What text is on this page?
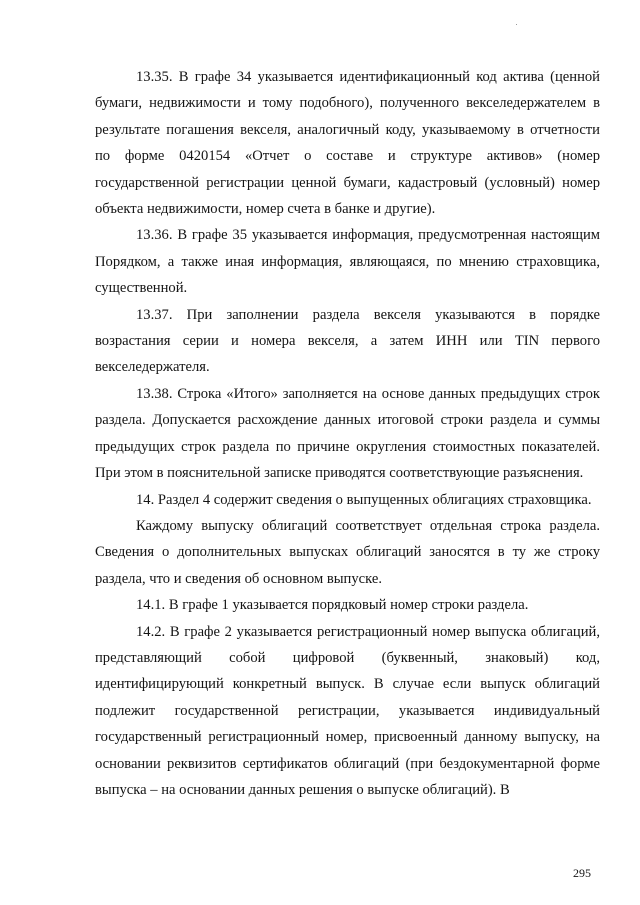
13.35. В графе 34 указывается идентификационный код актива (ценной бумаги, недвижимости и тому подобного), полученного векселедержателем в результате погашения векселя, аналогичный коду, указываемому в отчетности по форме 0420154 «Отчет о составе и структуре активов» (номер государственной регистрации ценной бумаги, кадастровый (условный) номер объекта недвижимости, номер счета в банке и другие).

13.36. В графе 35 указывается информация, предусмотренная настоящим Порядком, а также иная информация, являющаяся, по мнению страховщика, существенной.

13.37. При заполнении раздела векселя указываются в порядке возрастания серии и номера векселя, а затем ИНН или TIN первого векселедержателя.

13.38. Строка «Итого» заполняется на основе данных предыдущих строк раздела. Допускается расхождение данных итоговой строки раздела и суммы предыдущих строк раздела по причине округления стоимостных показателей. При этом в пояснительной записке приводятся соответствующие разъяснения.

14. Раздел 4 содержит сведения о выпущенных облигациях страховщика.

Каждому выпуску облигаций соответствует отдельная строка раздела. Сведения о дополнительных выпусках облигаций заносятся в ту же строку раздела, что и сведения об основном выпуске.

14.1. В графе 1 указывается порядковый номер строки раздела.

14.2. В графе 2 указывается регистрационный номер выпуска облигаций, представляющий собой цифровой (буквенный, знаковый) код, идентифицирующий конкретный выпуск. В случае если выпуск облигаций подлежит государственной регистрации, указывается индивидуальный государственный регистрационный номер, присвоенный данному выпуску, на основании реквизитов сертификатов облигаций (при бездокументарной форме выпуска – на основании данных решения о выпуске облигаций). В

295
